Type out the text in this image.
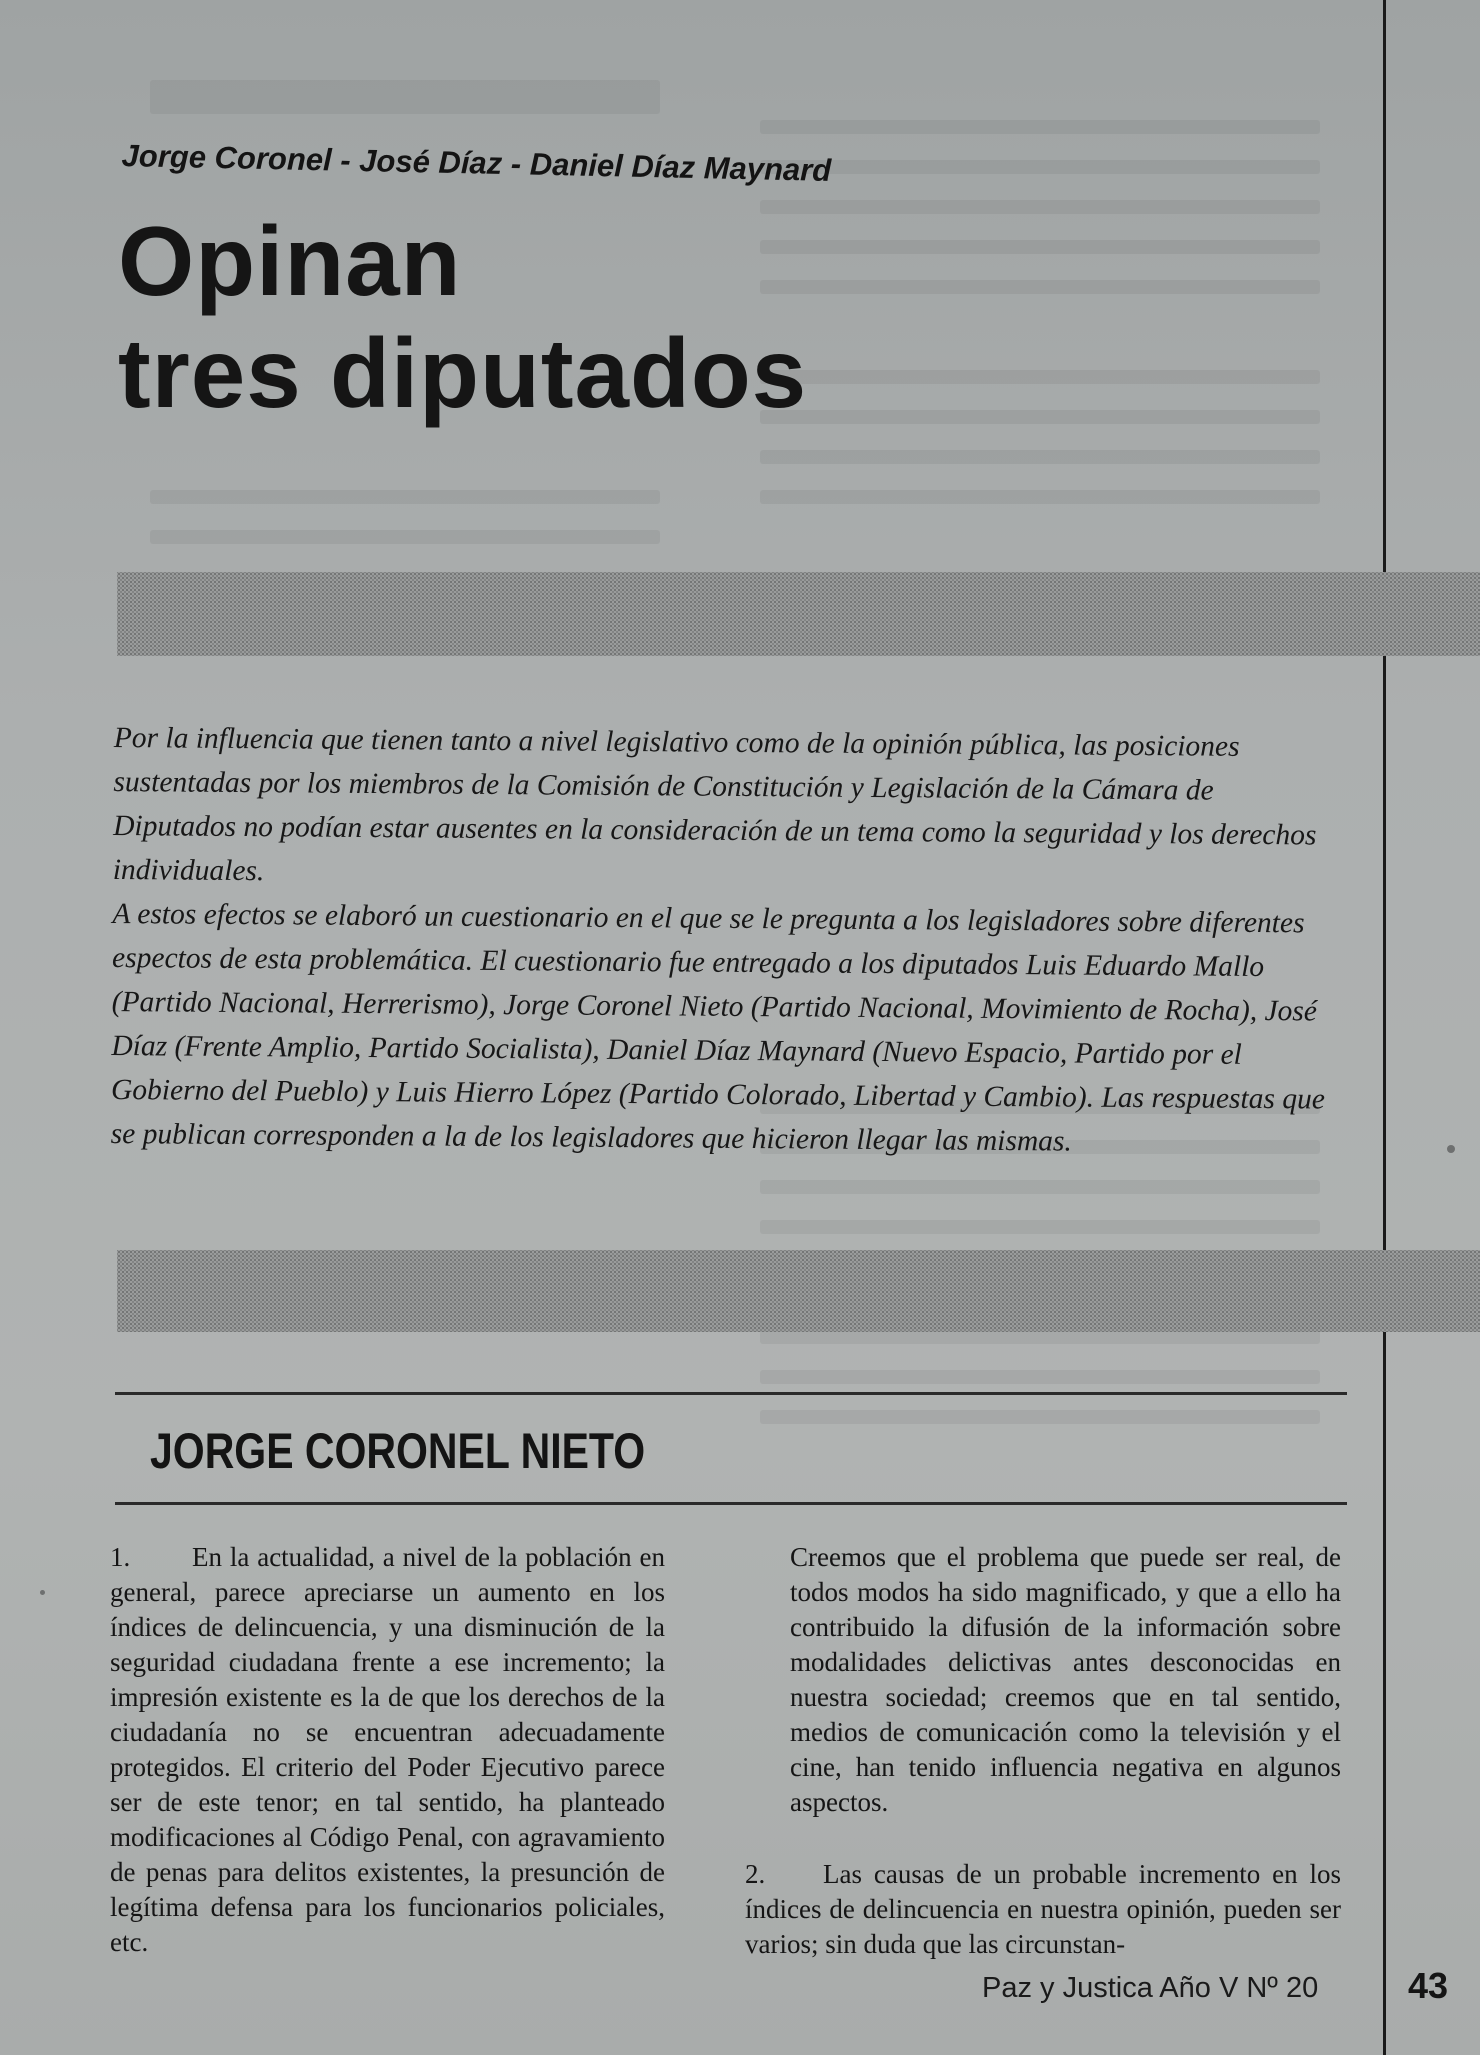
Jorge Coronel - José Díaz - Daniel Díaz Maynard
Opinan
tres diputados

Por la influencia que tienen tanto a nivel legislativo como de la opinión pública, las posiciones sustentadas por los miembros de la Comisión de Constitución y Legislación de la Cámara de Diputados no podían estar ausentes en la consideración de un tema como la seguridad y los derechos individuales.

A estos efectos se elaboró un cuestionario en el que se le pregunta a los legisladores sobre diferentes espectos de esta problemática. El cuestionario fue entregado a los diputados Luis Eduardo Mallo (Partido Nacional, Herrerismo), Jorge Coronel Nieto (Partido Nacional, Movimiento de Rocha), José Díaz (Frente Amplio, Partido Socialista), Daniel Díaz Maynard (Nuevo Espacio, Partido por el Gobierno del Pueblo) y Luis Hierro López (Partido Colorado, Libertad y Cambio). Las respuestas que se publican corresponden a la de los legisladores que hicieron llegar las mismas.

JORGE CORONEL NIETO

1. En la actualidad, a nivel de la población en general, parece apreciarse un aumento en los índices de delincuencia, y una disminución de la seguridad ciudadana frente a ese incremento; la impresión existente es la de que los derechos de la ciudadanía no se encuentran adecuadamente protegidos. El criterio del Poder Ejecutivo parece ser de este tenor; en tal sentido, ha planteado modificaciones al Código Penal, con agravamiento de penas para delitos existentes, la presunción de legítima defensa para los funcionarios policiales, etc.

Creemos que el problema que puede ser real, de todos modos ha sido magnificado, y que a ello ha contribuido la difusión de la información sobre modalidades delictivas antes desconocidas en nuestra sociedad; creemos que en tal sentido, medios de comunicación como la televisión y el cine, han tenido influencia negativa en algunos aspectos.

2. Las causas de un probable incremento en los índices de delincuencia en nuestra opinión, pueden ser varios; sin duda que las circunstan-

Paz y Justica Año V Nº 20 43
